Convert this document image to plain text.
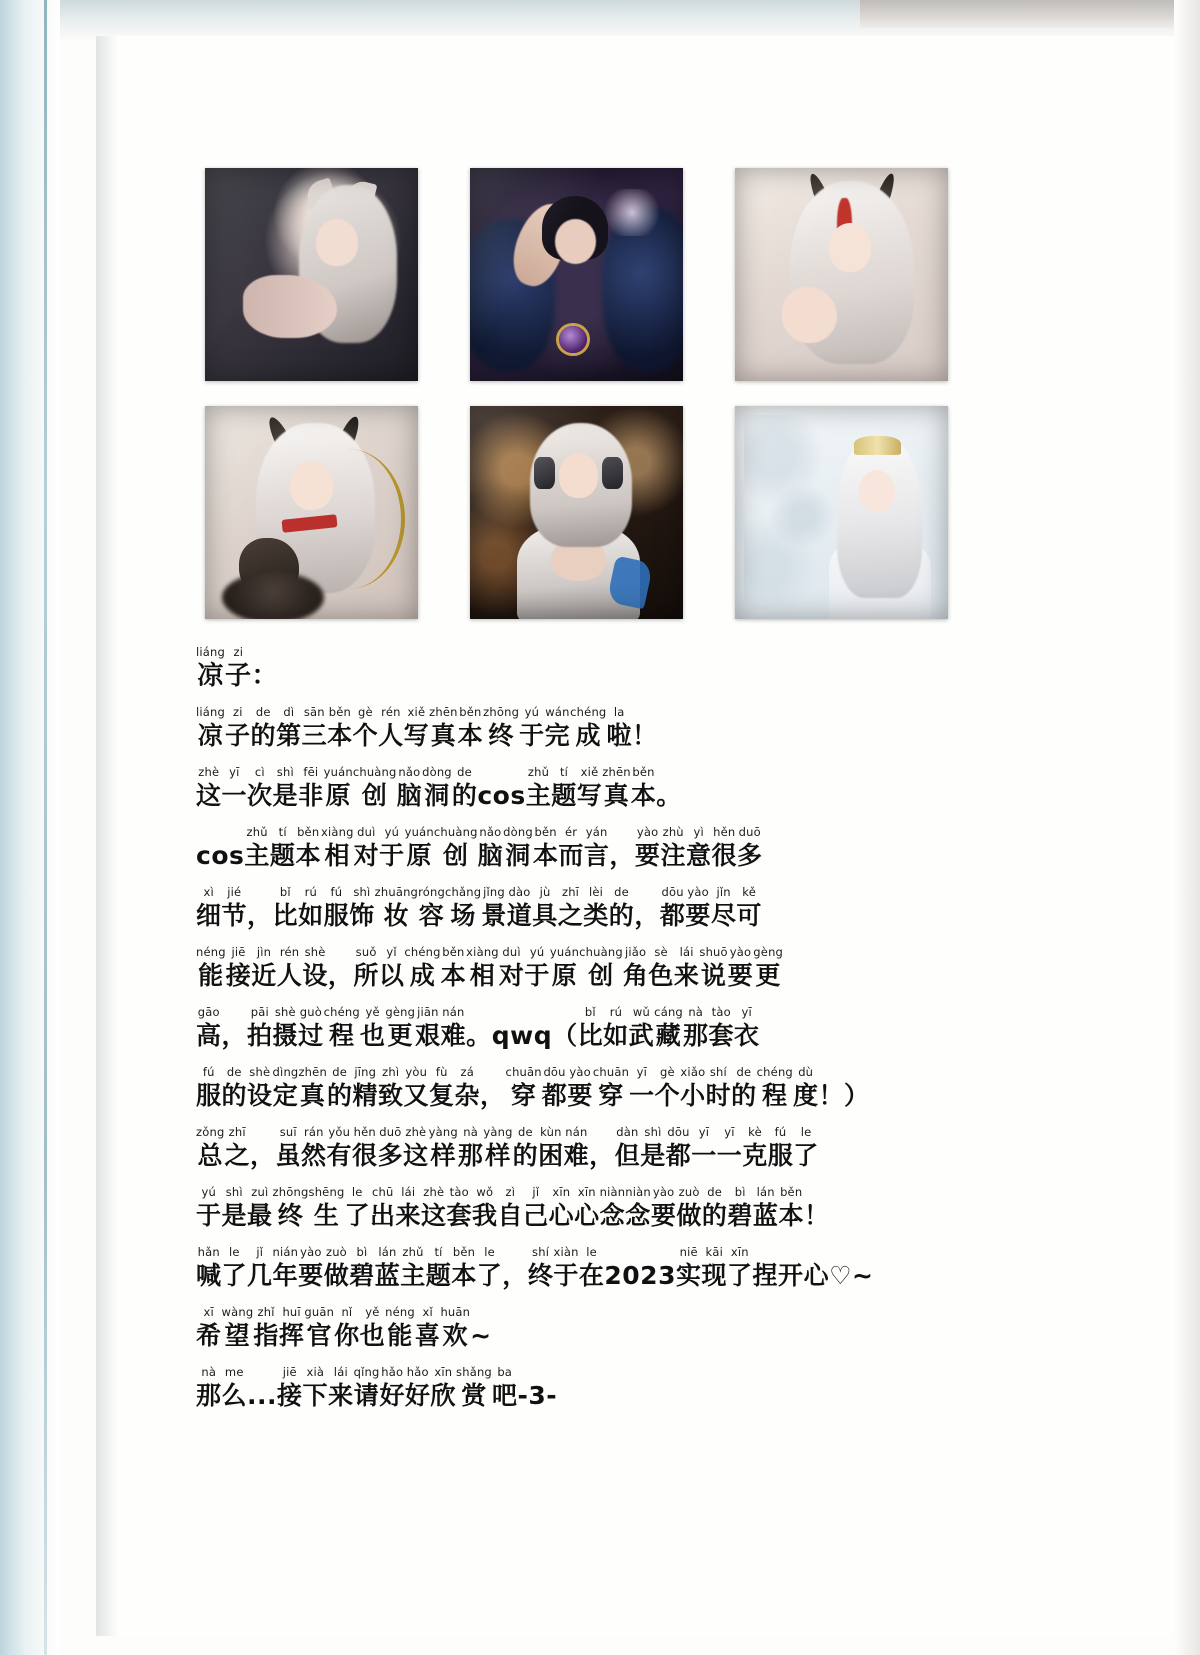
liáng
凉
zi
子 ：
liáng
凉
zi
子
de
的
dì
第
sān
三
běn
本
gè
个
rén
人
xiě
写
zhēn
真
běn
本
zhōng
终
yú
于
wán
完
chéng
成
la
啦 ！
zhè
这
yī
一
cì
次
shì
是
fēi
非
yuán
原
chuàng
创
nǎo
脑
dòng
洞
de
的 c o s
zhǔ
主
tí
题
xiě
写
zhēn
真
běn
本 。
c o s
zhǔ
主
tí
题
běn
本
xiàng
相
duì
对
yú
于
yuán
原
chuàng
创
nǎo
脑
dòng
洞
běn
本
ér
而
yán
言 ，
yào
要
zhù
注
yì
意
hěn
很
duō
多
xì
细
jié
节 ，
bǐ
比
rú
如
fú
服
shì
饰
zhuāng
妆
róng
容
chǎng
场
jǐng
景
dào
道
jù
具
zhī
之
lèi
类
de
的 ，
dōu
都
yào
要
jǐn
尽
kě
可
néng
能
jiē
接
jìn
近
rén
人
shè
设 ，
suǒ
所
yǐ
以
chéng
成
běn
本
xiàng
相
duì
对
yú
于
yuán
原
chuàng
创
jiǎo
角
sè
色
lái
来
shuō
说
yào
要
gèng
更
gāo
高 ，
pāi
拍
shè
摄
guò
过
chéng
程
yě
也
gèng
更
jiān
艰
nán
难 。 q w q （
bǐ
比
rú
如
wǔ
武
cáng
藏
nà
那
tào
套
yī
衣
fú
服
de
的
shè
设
dìng
定
zhēn
真
de
的
jīng
精
zhì
致
yòu
又
fù
复
zá
杂 ，
chuān
穿
dōu
都
yào
要
chuān
穿
yī
一
gè
个
xiǎo
小
shí
时
de
的
chéng
程
dù
度 ！ ）
zǒng
总
zhī
之 ，
suī
虽
rán
然
yǒu
有
hěn
很
duō
多
zhè
这
yàng
样
nà
那
yàng
样
de
的
kùn
困
nán
难 ，
dàn
但
shì
是
dōu
都
yī
一
yī
一
kè
克
fú
服
le
了
yú
于
shì
是
zuì
最
zhōng
终
shēng
生
le
了
chū
出
lái
来
zhè
这
tào
套
wǒ
我
zì
自
jǐ
己
xīn
心
xīn
心
niàn
念
niàn
念
yào
要
zuò
做
de
的
bì
碧
lán
蓝
běn
本 ！
hǎn
喊
le
了
jǐ
几
nián
年
yào
要
zuò
做
bì
碧
lán
蓝
zhǔ
主
tí
题
běn
本
le
了 ，
shí
终
xiàn
于
le
在 2 0 2 3
niē
实
kāi
现
xīn
了 捏 开 心 ♡ ~
xī
希
wàng
望
zhǐ
指
huī
挥
guān
官
nǐ
你
yě
也
néng
能
xǐ
喜
huān
欢 ~
nà
那
me
么 . . .
jiē
接
xià
下
lái
来
qǐng
请
hǎo
好
hǎo
好
xīn
欣
shǎng
赏
ba
吧 - 3 -
